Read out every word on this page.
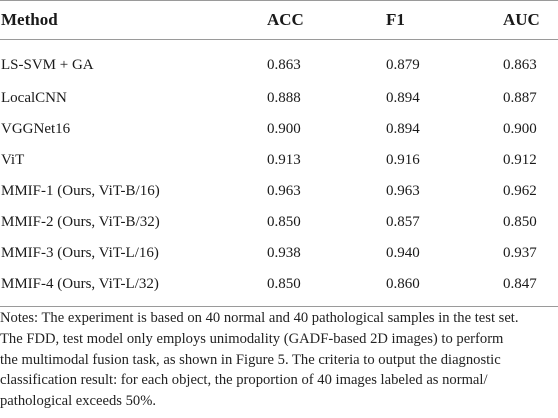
Method	ACC	F1	AUC
LS-SVM + GA	0.863	0.879	0.863
LocalCNN	0.888	0.894	0.887
VGGNet16	0.900	0.894	0.900
ViT	0.913	0.916	0.912
MMIF-1 (Ours, ViT-B/16)	0.963	0.963	0.962
MMIF-2 (Ours, ViT-B/32)	0.850	0.857	0.850
MMIF-3 (Ours, ViT-L/16)	0.938	0.940	0.937
MMIF-4 (Ours, ViT-L/32)	0.850	0.860	0.847

Notes: The experiment is based on 40 normal and 40 pathological samples in the test set.
The FDD, test model only employs unimodality (GADF-based 2D images) to perform
the multimodal fusion task, as shown in Figure 5. The criteria to output the diagnostic
classification result: for each object, the proportion of 40 images labeled as normal/
pathological exceeds 50%.
